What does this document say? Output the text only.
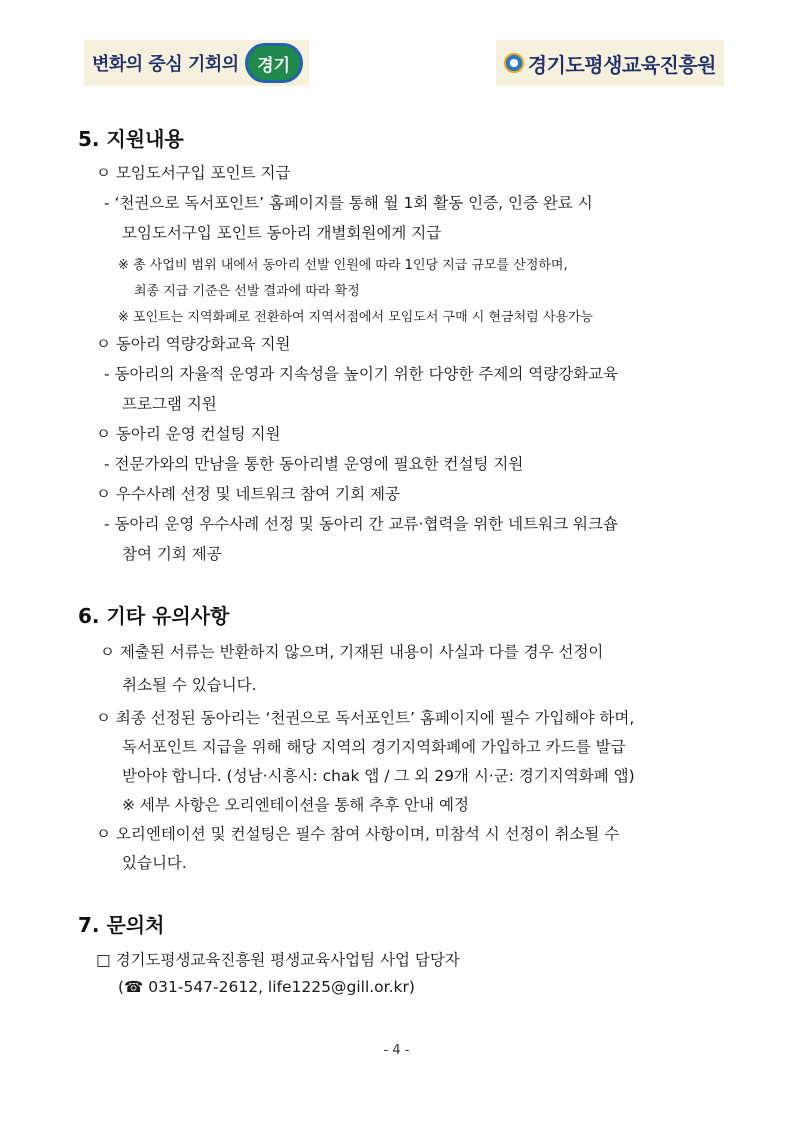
변화의 중심 기회의	경기	경기도평생교육진흥원
5. 지원내용
ㅇ 모임도서구입 포인트 지급
- ‘천권으로 독서포인트’ 홈페이지를 통해 월 1회 활동 인증, 인증 완료 시
모임도서구입 포인트 동아리 개별회원에게 지급
※ 총 사업비 범위 내에서 동아리 선발 인원에 따라 1인당 지급 규모를 산정하며,
최종 지급 기준은 선발 결과에 따라 확정
※ 포인트는 지역화폐로 전환하여 지역서점에서 모임도서 구매 시 현금처럼 사용가능
ㅇ 동아리 역량강화교육 지원
- 동아리의 자율적 운영과 지속성을 높이기 위한 다양한 주제의 역량강화교육
프로그램 지원
ㅇ 동아리 운영 컨설팅 지원
- 전문가와의 만남을 통한 동아리별 운영에 필요한 컨설팅 지원
ㅇ 우수사례 선정 및 네트워크 참여 기회 제공
- 동아리 운영 우수사례 선정 및 동아리 간 교류·협력을 위한 네트워크 워크숍
참여 기회 제공
6. 기타 유의사항
ㅇ 제출된 서류는 반환하지 않으며, 기재된 내용이 사실과 다를 경우 선정이
취소될 수 있습니다.
ㅇ 최종 선정된 동아리는 ‘천권으로 독서포인트’ 홈페이지에 필수 가입해야 하며,
독서포인트 지급을 위해 해당 지역의 경기지역화폐에 가입하고 카드를 발급
받아야 합니다. (성남·시흥시: chak 앱 / 그 외 29개 시·군: 경기지역화폐 앱)
※ 세부 사항은 오리엔테이션을 통해 추후 안내 예정
ㅇ 오리엔테이션 및 컨설팅은 필수 참여 사항이며, 미참석 시 선정이 취소될 수
있습니다.
7. 문의처
□ 경기도평생교육진흥원 평생교육사업팀 사업 담당자
(☎ 031-547-2612, life1225@gill.or.kr)
- 4 -
